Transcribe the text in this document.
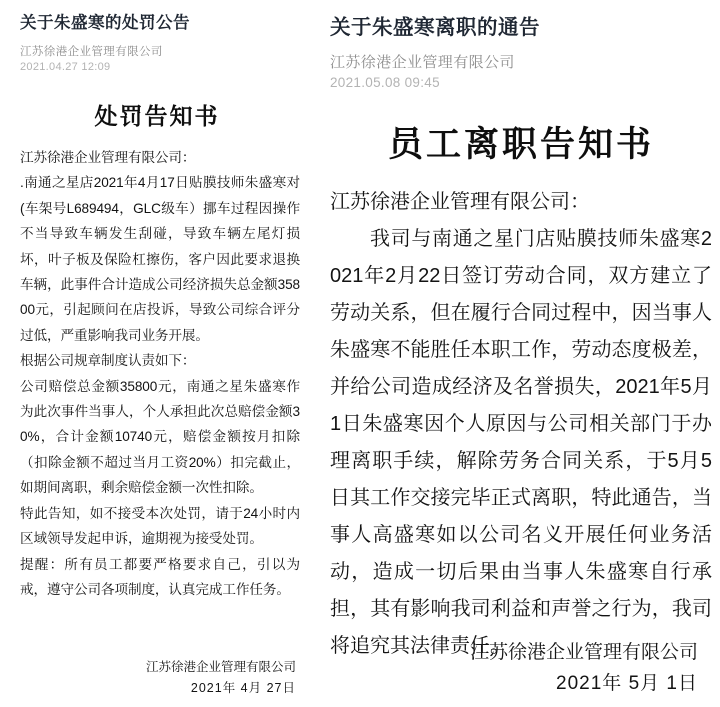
关于朱盛寒的处罚公告
江苏徐港企业管理有限公司
2021.04.27 12:09
处罚告知书

江苏徐港企业管理有限公司：

.南通之星店2021年4月17日贴膜技师朱盛寒对(车架号L689494，GLC级车）挪车过程因操作不当导致车辆发生刮碰，导致车辆左尾灯损坏，叶子板及保险杠擦伤，客户因此要求退换车辆，此事件合计造成公司经济损失总金额35800元，引起顾问在店投诉，导致公司综合评分过低，严重影响我司业务开展。

根据公司规章制度认责如下：

公司赔偿总金额35800元，南通之星朱盛寒作为此次事件当事人，个人承担此次总赔偿金额30%，合计金额10740元，赔偿金额按月扣除（扣除金额不超过当月工资20%）扣完截止，如期间离职，剩余赔偿金额一次性扣除。

特此告知，如不接受本次处罚，请于24小时内区域领导发起申诉，逾期视为接受处罚。

提醒：所有员工都要严格要求自己，引以为戒，遵守公司各项制度，认真完成工作任务。

江苏徐港企业管理有限公司
2021年 4月 27日
关于朱盛寒离职的通告
江苏徐港企业管理有限公司
2021.05.08 09:45
员工离职告知书

江苏徐港企业管理有限公司：

我司与南通之星门店贴膜技师朱盛寒2021年2月22日签订劳动合同，双方建立了劳动关系，但在履行合同过程中，因当事人朱盛寒不能胜任本职工作，劳动态度极差，并给公司造成经济及名誉损失，2021年5月1日朱盛寒因个人原因与公司相关部门于办理离职手续，解除劳务合同关系，于5月5日其工作交接完毕正式离职，特此通告，当事人高盛寒如以公司名义开展任何业务活动，造成一切后果由当事人朱盛寒自行承担，其有影响我司利益和声誉之行为，我司将追究其法律责任。

江苏徐港企业管理有限公司
2021年 5月 1日
